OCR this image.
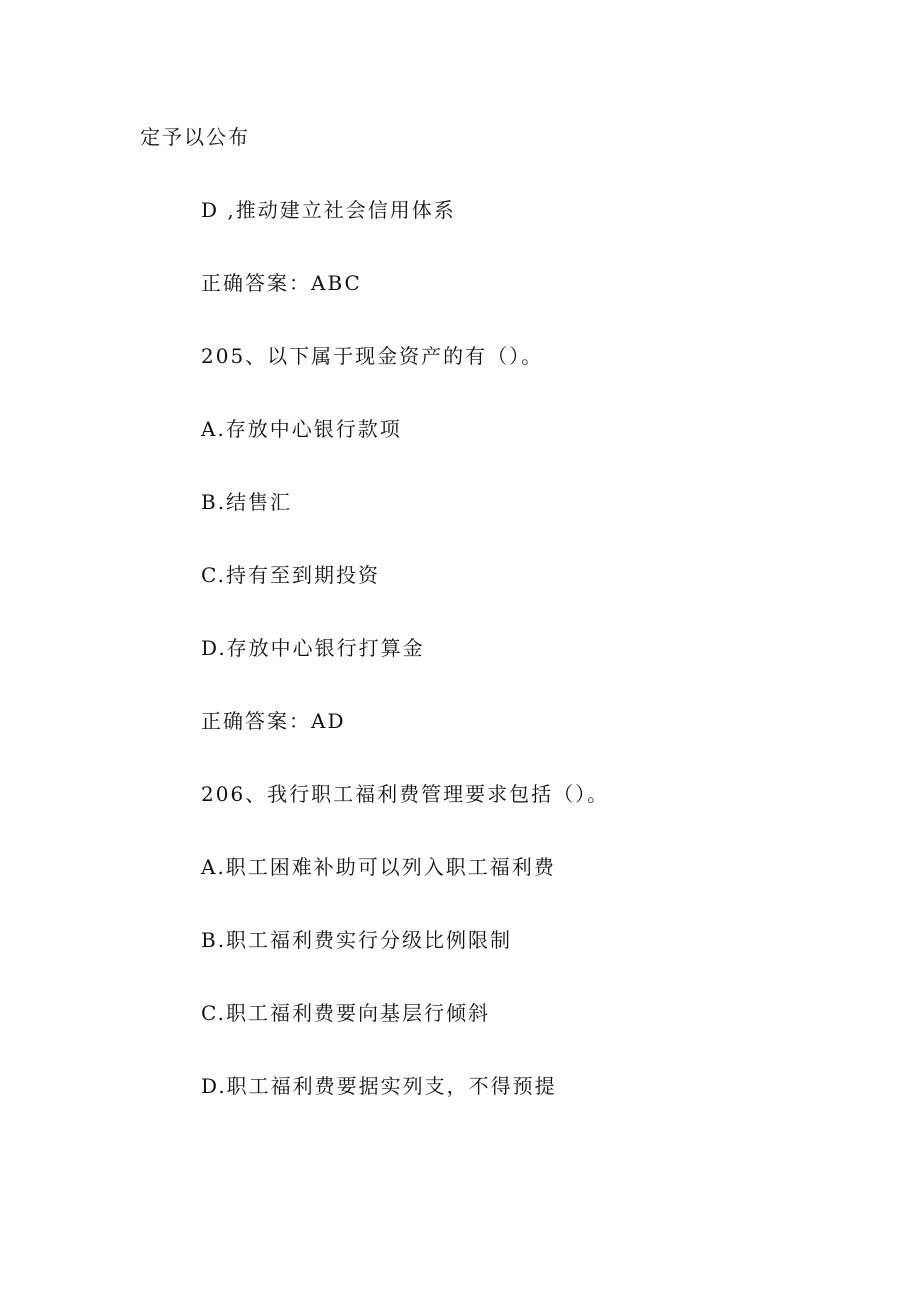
定予以公布

D ,推动建立社会信用体系

正确答案：ABC

205、以下属于现金资产的有（）。

A.存放中心银行款项

B.结售汇

C.持有至到期投资

D.存放中心银行打算金

正确答案：AD

206、我行职工福利费管理要求包括（）。

A.职工困难补助可以列入职工福利费

B.职工福利费实行分级比例限制

C.职工福利费要向基层行倾斜

D.职工福利费要据实列支，不得预提
